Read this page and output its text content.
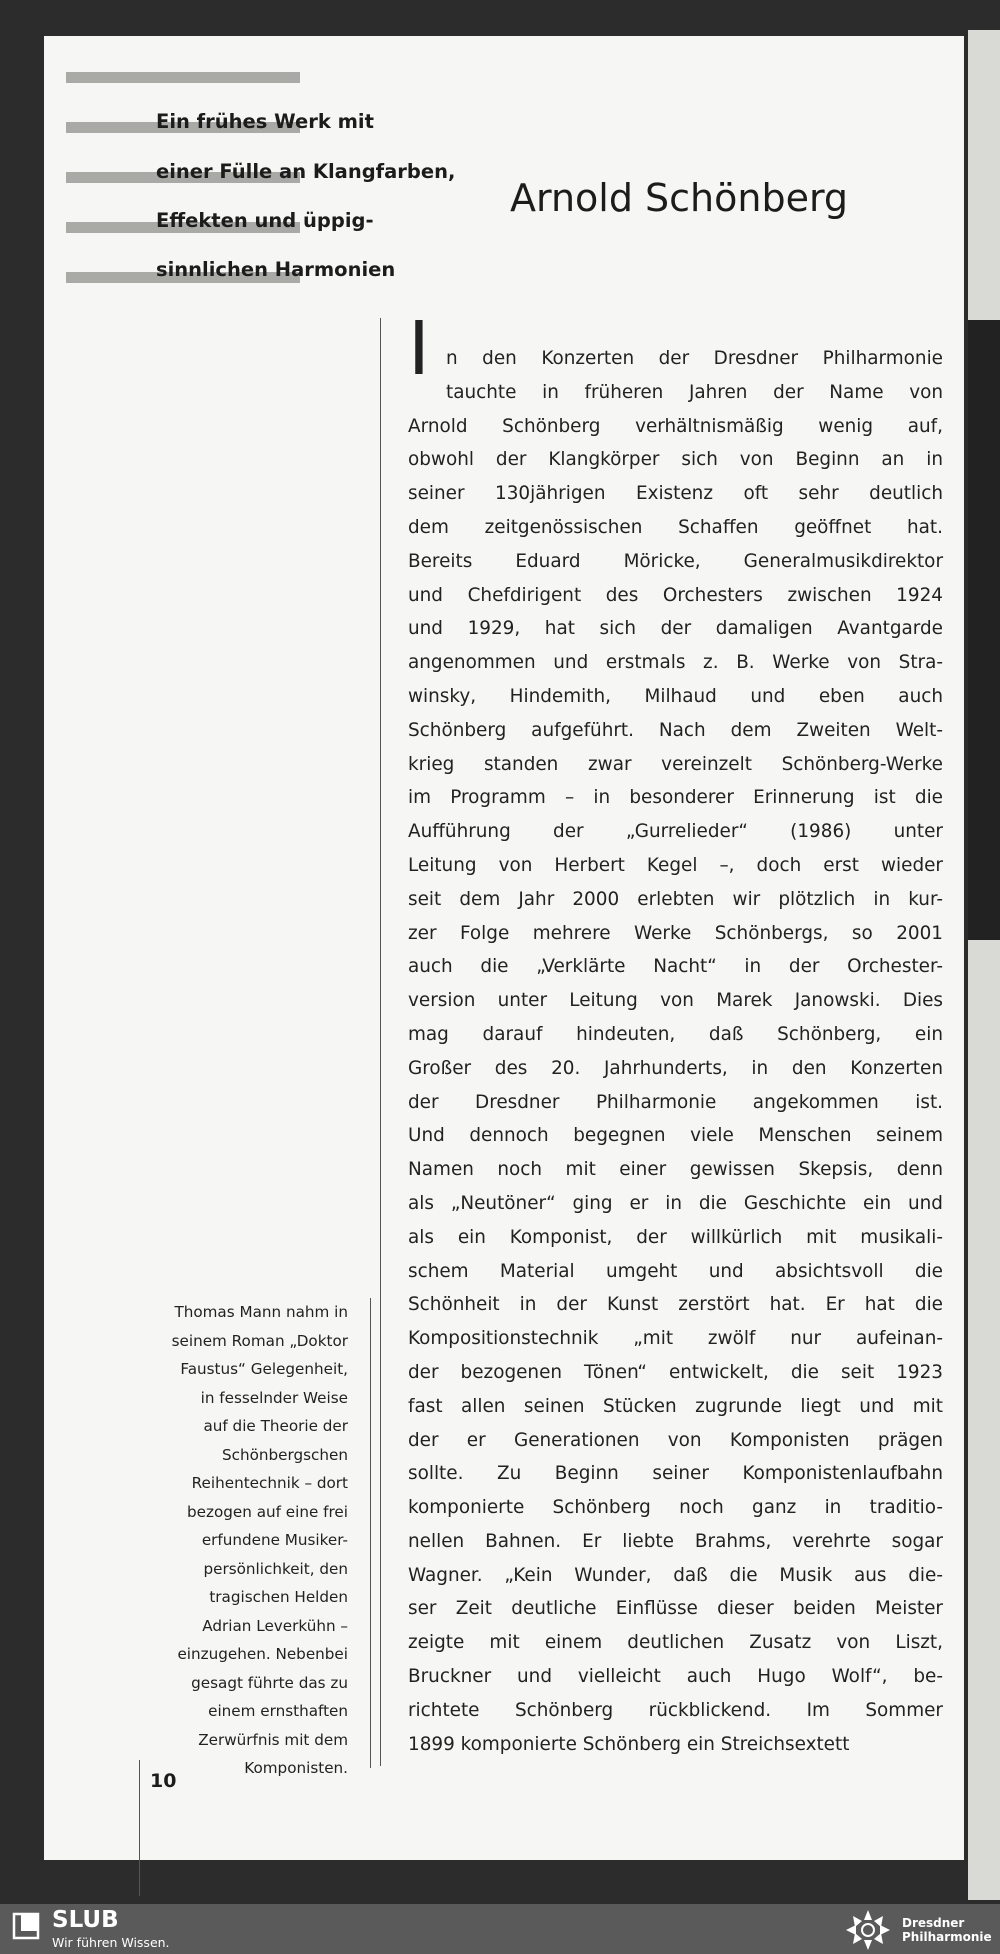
Ein frühes Werk mit

einer Fülle an Klangfarben,

Effekten und üppig-

sinnlichen Harmonien

Arnold Schönberg

I n den Konzerten der Dresdner Philharmonie
tauchte in früheren Jahren der Name von
Arnold Schönberg verhältnismäßig wenig auf,
obwohl der Klangkörper sich von Beginn an in
seiner 130jährigen Existenz oft sehr deutlich
dem zeitgenössischen Schaffen geöffnet hat.
Bereits Eduard Möricke, Generalmusikdirektor
und Chefdirigent des Orchesters zwischen 1924
und 1929, hat sich der damaligen Avantgarde
angenommen und erstmals z. B. Werke von Stra-
winsky, Hindemith, Milhaud und eben auch
Schönberg aufgeführt. Nach dem Zweiten Welt-
krieg standen zwar vereinzelt Schönberg-Werke
im Programm – in besonderer Erinnerung ist die
Aufführung der „Gurrelieder“ (1986) unter
Leitung von Herbert Kegel –, doch erst wieder
seit dem Jahr 2000 erlebten wir plötzlich in kur-
zer Folge mehrere Werke Schönbergs, so 2001
auch die „Verklärte Nacht“ in der Orchester-
version unter Leitung von Marek Janowski. Dies
mag darauf hindeuten, daß Schönberg, ein
Großer des 20. Jahrhunderts, in den Konzerten
der Dresdner Philharmonie angekommen ist.
Und dennoch begegnen viele Menschen seinem
Namen noch mit einer gewissen Skepsis, denn
als „Neutöner“ ging er in die Geschichte ein und
als ein Komponist, der willkürlich mit musikali-
schem Material umgeht und absichtsvoll die
Schönheit in der Kunst zerstört hat. Er hat die
Kompositionstechnik „mit zwölf nur aufeinan-
der bezogenen Tönen“ entwickelt, die seit 1923
fast allen seinen Stücken zugrunde liegt und mit
der er Generationen von Komponisten prägen
sollte. Zu Beginn seiner Komponistenlaufbahn
komponierte Schönberg noch ganz in traditio-
nellen Bahnen. Er liebte Brahms, verehrte sogar
Wagner. „Kein Wunder, daß die Musik aus die-
ser Zeit deutliche Einflüsse dieser beiden Meister
zeigte mit einem deutlichen Zusatz von Liszt,
Bruckner und vielleicht auch Hugo Wolf“, be-
richtete Schönberg rückblickend. Im Sommer
1899 komponierte Schönberg ein Streichsextett
Thomas Mann nahm in
seinem Roman „Doktor
Faustus“ Gelegenheit,
in fesselnder Weise
auf die Theorie der
Schönbergschen
Reihentechnik – dort
bezogen auf eine frei
erfundene Musiker-
persönlichkeit, den
tragischen Helden
Adrian Leverkühn –
einzugehen. Nebenbei
gesagt führte das zu
einem ernsthaften
Zerwürfnis mit dem
Komponisten.

10

SLUB

Wir führen Wissen.

Dresdner
Philharmonie
